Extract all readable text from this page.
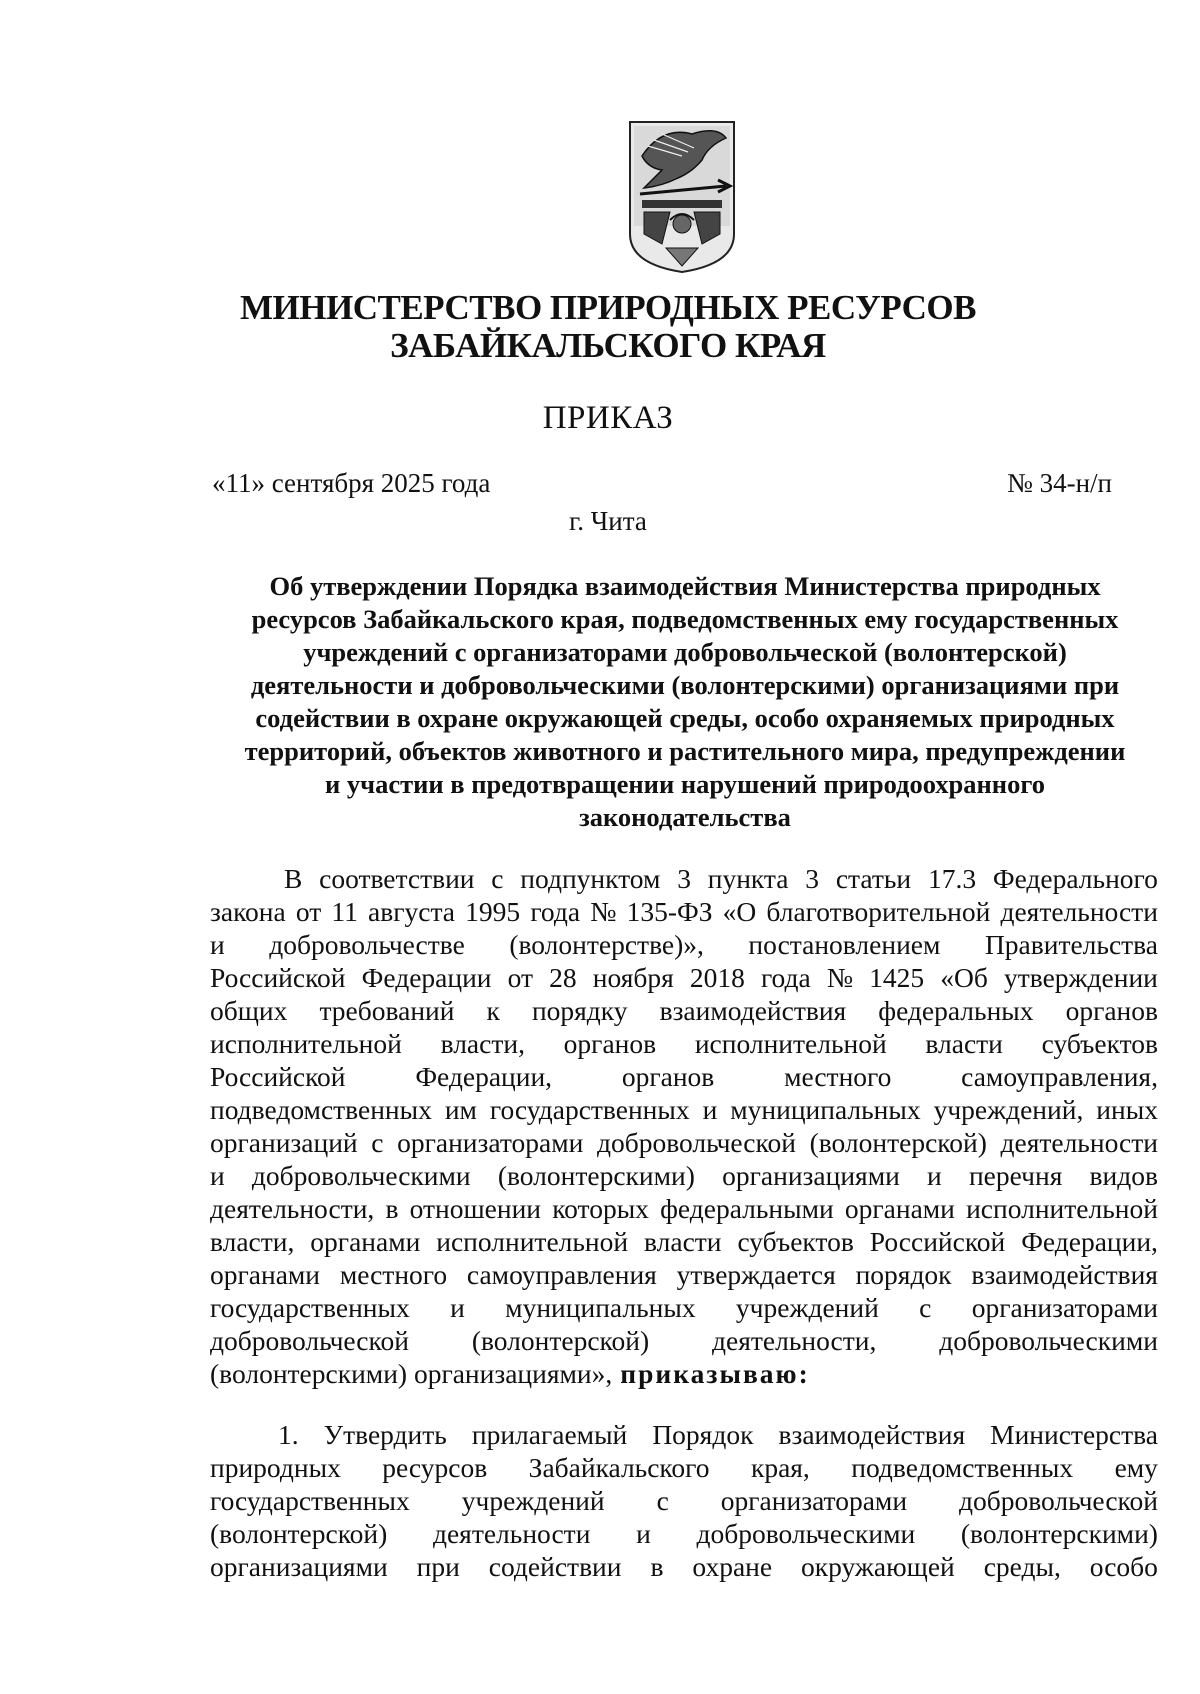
МИНИСТЕРСТВО ПРИРОДНЫХ РЕСУРСОВ
ЗАБАЙКАЛЬСКОГО КРАЯ
ПРИКАЗ
«11» сентября 2025 года	№ 34-н/п
г. Чита
Об утверждении Порядка взаимодействия Министерства природных
ресурсов Забайкальского края, подведомственных ему государственных
учреждений с организаторами добровольческой (волонтерской)
деятельности и добровольческими (волонтерскими) организациями при
содействии в охране окружающей среды, особо охраняемых природных
территорий, объектов животного и растительного мира, предупреждении
и участии в предотвращении нарушений природоохранного
законодательства
В соответствии с подпунктом 3 пункта 3 статьи 17.3 Федерального
закона от 11 августа 1995 года № 135-ФЗ «О благотворительной деятельности
и добровольчестве (волонтерстве)», постановлением Правительства
Российской Федерации от 28 ноября 2018 года № 1425 «Об утверждении
общих требований к порядку взаимодействия федеральных органов
исполнительной власти, органов исполнительной власти субъектов
Российской	Федерации,	органов	местного	самоуправления,
подведомственных им государственных и муниципальных учреждений, иных
организаций с организаторами добровольческой (волонтерской) деятельности
и добровольческими (волонтерскими) организациями и перечня видов
деятельности, в отношении которых федеральными органами исполнительной
власти, органами исполнительной власти субъектов Российской Федерации,
органами местного самоуправления утверждается порядок взаимодействия
государственных и муниципальных учреждений с организаторами
добровольческой (волонтерской) деятельности, добровольческими
(волонтерскими) организациями», приказываю:
1. Утвердить прилагаемый Порядок взаимодействия Министерства
природных ресурсов Забайкальского края, подведомственных ему
государственных учреждений с организаторами добровольческой
(волонтерской) деятельности и добровольческими (волонтерскими)
организациями при содействии в охране окружающей среды, особо
